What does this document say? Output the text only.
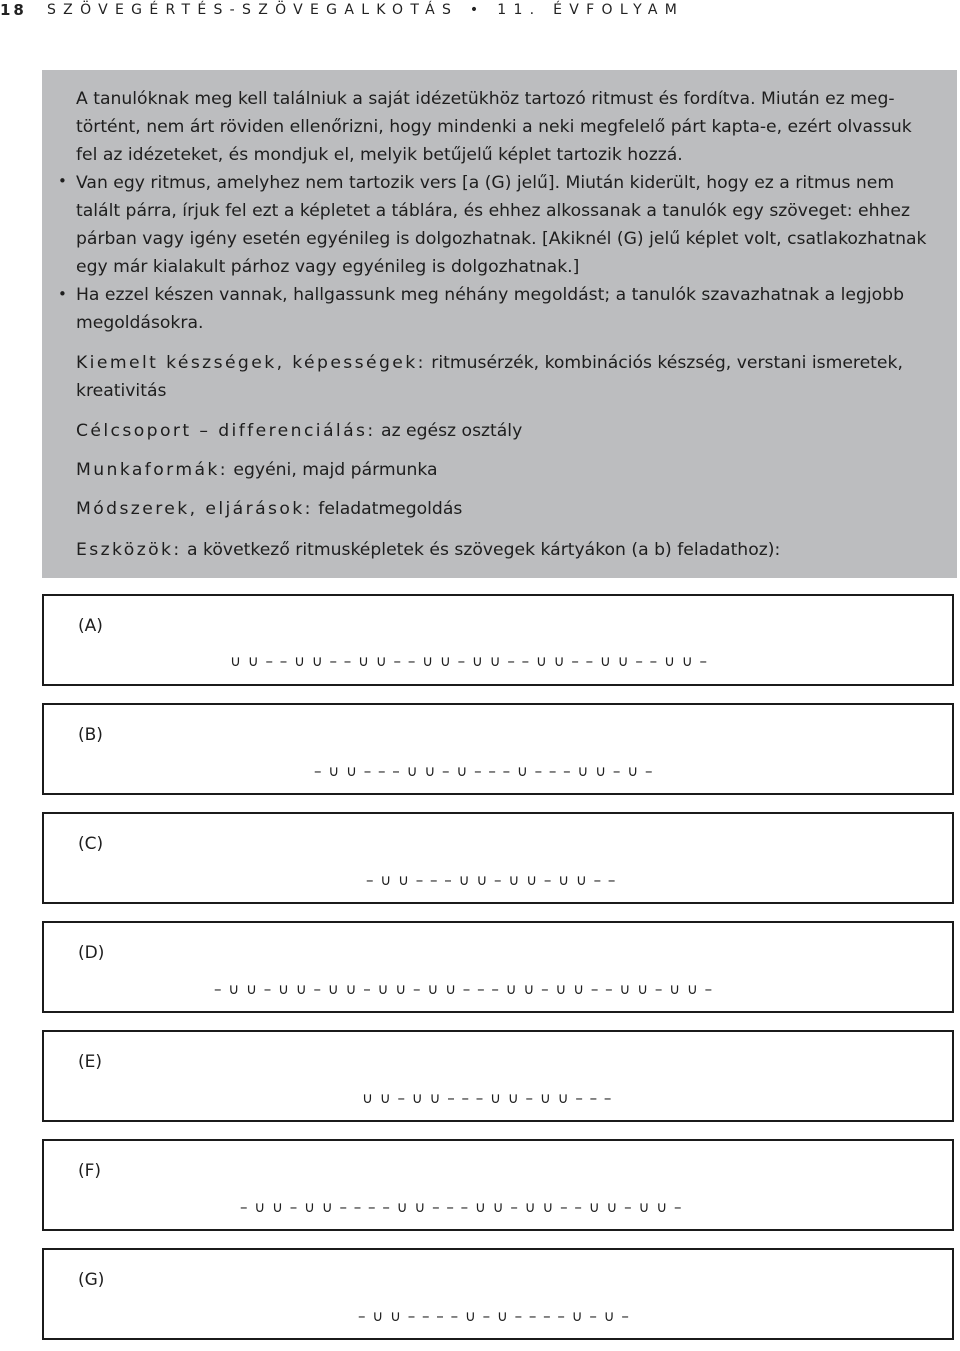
18 SZÖVEGÉRTÉS-SZÖVEGALKOTÁS • 11. ÉVFOLYAM
A tanulóknak meg kell találniuk a saját idézetükhöz tartozó ritmust és fordítva. Miután ez meg-
történt, nem árt röviden ellenőrizni, hogy mindenki a neki megfelelő párt kapta-e, ezért olvassuk
fel az idézeteket, és mondjuk el, melyik betűjelű képlet tartozik hozzá.
• Van egy ritmus, amelyhez nem tartozik vers [a (G) jelű]. Miután kiderült, hogy ez a ritmus nem
talált párra, írjuk fel ezt a képletet a táblára, és ehhez alkossanak a tanulók egy szöveget: ehhez
párban vagy igény esetén egyénileg is dolgozhatnak. [Akiknél (G) jelű képlet volt, csatlakozhatnak
egy már kialakult párhoz vagy egyénileg is dolgozhatnak.]
• Ha ezzel készen vannak, hallgassunk meg néhány megoldást; a tanulók szavazhatnak a legjobb
megoldásokra.
Kiemelt készségek, képességek: ritmusérzék, kombinációs készség, verstani ismeretek,
kreativitás
Célcsoport – differenciálás: az egész osztály
Munkaformák: egyéni, majd pármunka
Módszerek, eljárások: feladatmegoldás
Eszközök: a következő ritmusképletek és szövegek kártyákon (a b) feladathoz):
(A)
∪ ∪ – – ∪ ∪ – – ∪ ∪ – – ∪ ∪ – ∪ ∪ – – ∪ ∪ – – ∪ ∪ – – ∪ ∪ –
(B)
– ∪ ∪ – – – ∪ ∪ – ∪ – – – ∪ – – – ∪ ∪ – ∪ –
(C)
– ∪ ∪ – – – ∪ ∪ – ∪ ∪ – ∪ ∪ – –
(D)
– ∪ ∪ – ∪ ∪ – ∪ ∪ – ∪ ∪ – ∪ ∪ – – – ∪ ∪ – ∪ ∪ – – ∪ ∪ – ∪ ∪ –
(E)
∪ ∪ – ∪ ∪ – – – ∪ ∪ – ∪ ∪ – – –
(F)
– ∪ ∪ – ∪ ∪ – – – – ∪ ∪ – – – ∪ ∪ – ∪ ∪ – – ∪ ∪ – ∪ ∪ –
(G)
– ∪ ∪ – – – – ∪ – ∪ – – – – ∪ – ∪ –
